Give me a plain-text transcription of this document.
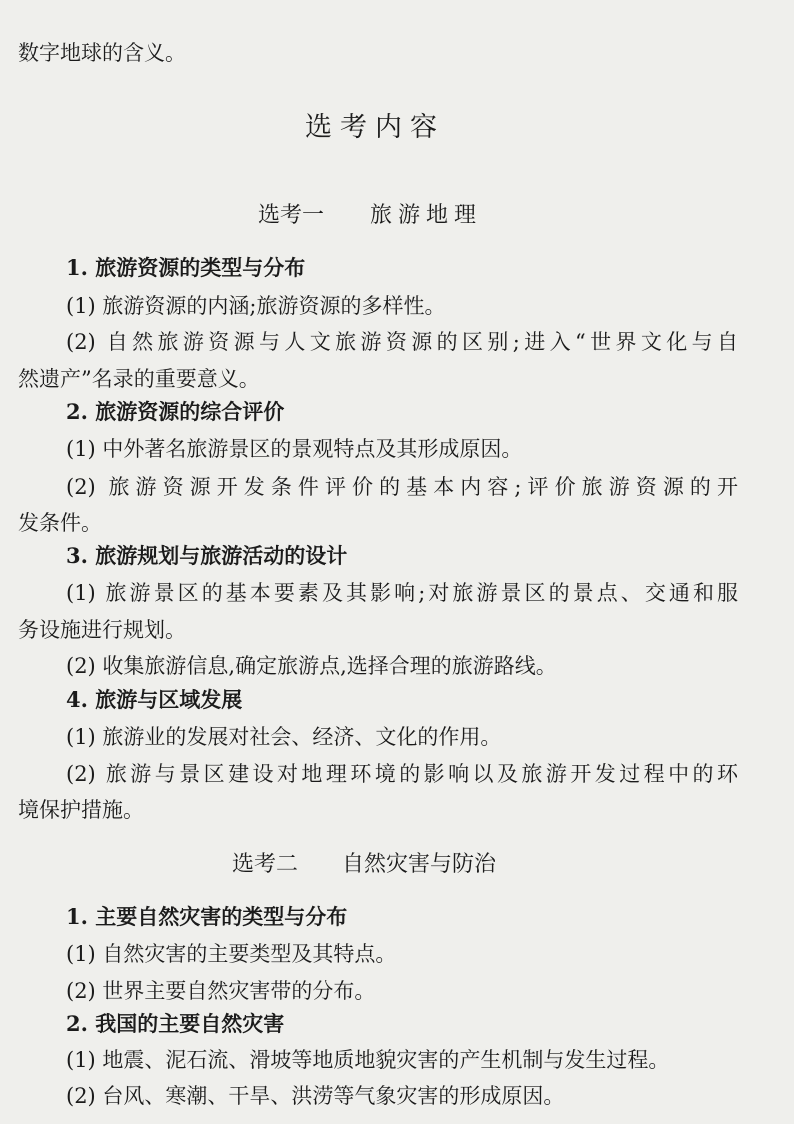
数字地球的含义。
选考内容
选考一 旅游地理
1. 旅游资源的类型与分布
(1) 旅游资源的内涵;旅游资源的多样性。
(2) 自然旅游资源与人文旅游资源的区别;进入“世界文化与自
然遗产”名录的重要意义。
2. 旅游资源的综合评价
(1) 中外著名旅游景区的景观特点及其形成原因。
(2) 旅游资源开发条件评价的基本内容;评价旅游资源的开
发条件。
3. 旅游规划与旅游活动的设计
(1) 旅游景区的基本要素及其影响;对旅游景区的景点、交通和服
务设施进行规划。
(2) 收集旅游信息,确定旅游点,选择合理的旅游路线。
4. 旅游与区域发展
(1) 旅游业的发展对社会、经济、文化的作用。
(2) 旅游与景区建设对地理环境的影响以及旅游开发过程中的环
境保护措施。
选考二 自然灾害与防治
1. 主要自然灾害的类型与分布
(1) 自然灾害的主要类型及其特点。
(2) 世界主要自然灾害带的分布。
2. 我国的主要自然灾害
(1) 地震、泥石流、滑坡等地质地貌灾害的产生机制与发生过程。
(2) 台风、寒潮、干旱、洪涝等气象灾害的形成原因。
